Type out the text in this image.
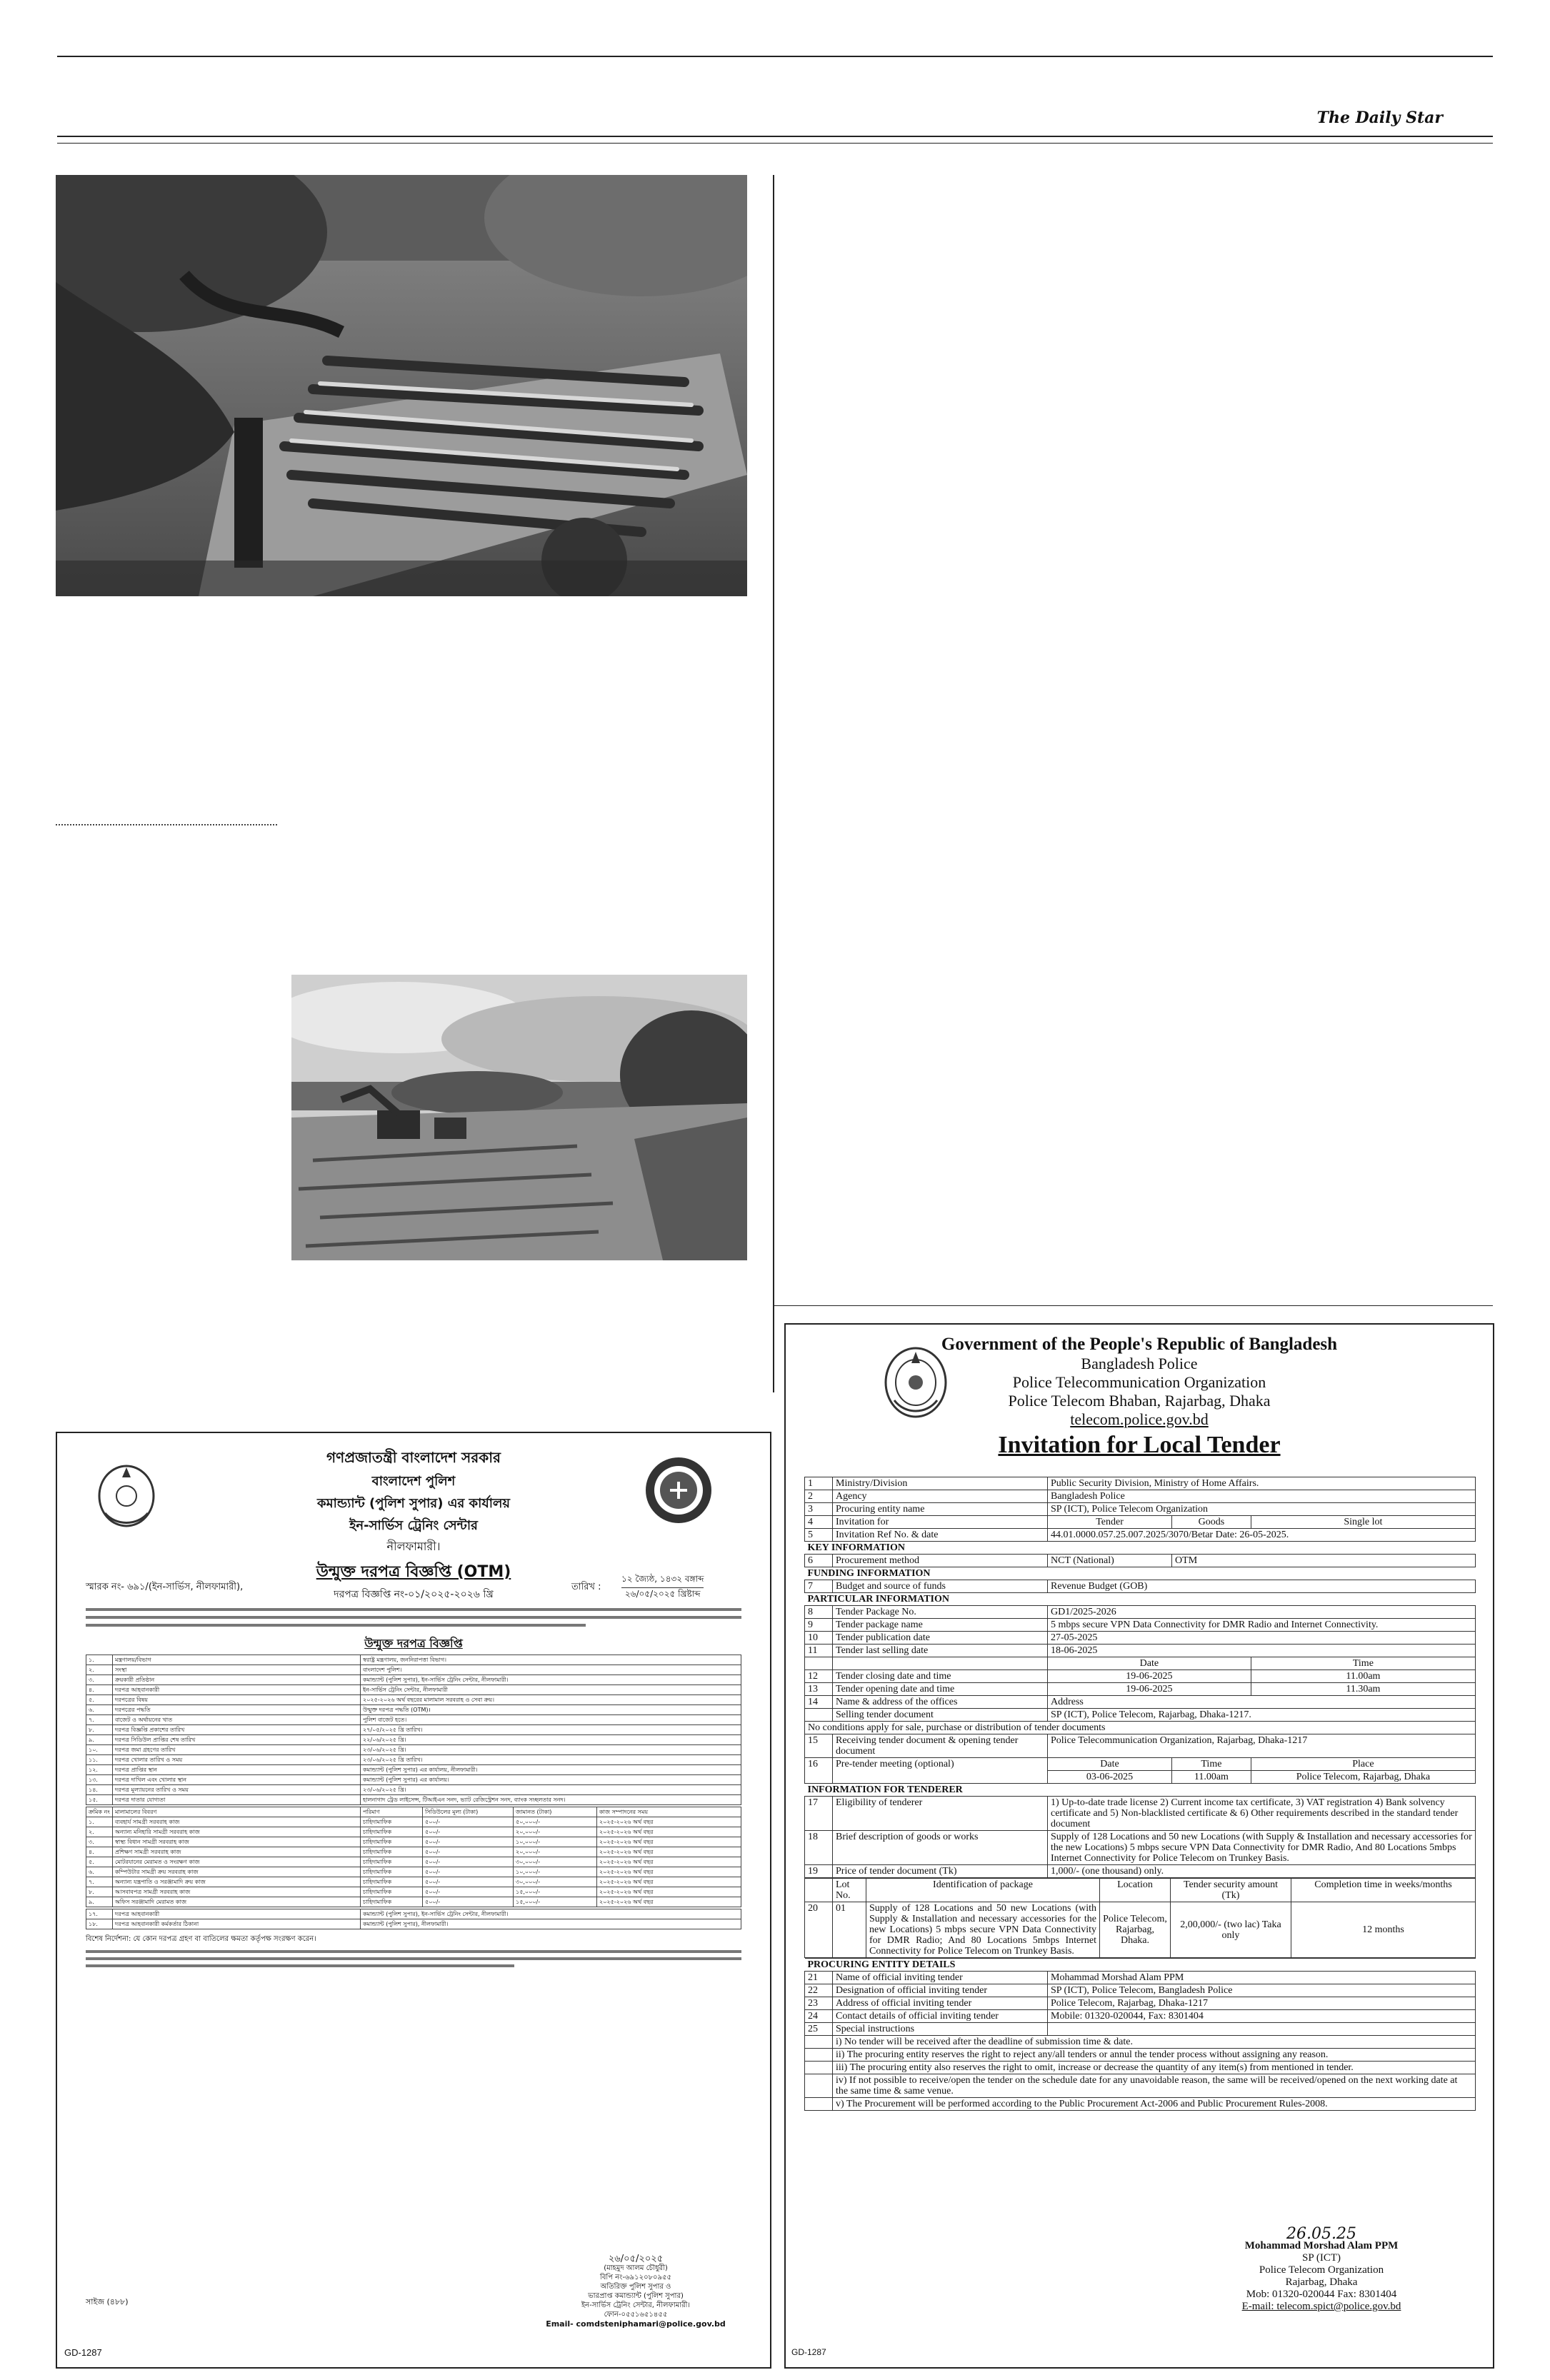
The Daily Star
Government of the People's Republic of Bangladesh
Bangladesh Police
Police Telecommunication Organization
Police Telecom Bhaban, Rajarbag, Dhaka
telecom.police.gov.bd
Invitation for Local Tender
1	Ministry/Division	Public Security Division, Ministry of Home Affairs.		
2	Agency	Bangladesh Police		
3	Procuring entity name	SP (ICT), Police Telecom Organization		
4	Invitation for	Tender	Goods	Single lot
5	Invitation Ref No. & date	44.01.0000.057.25.007.2025/3070/Betar Date: 26-05-2025.		
KEY INFORMATION				
6	Procurement method	NCT (National)	OTM	
FUNDING INFORMATION				
7	Budget and source of funds	Revenue Budget (GOB)		
PARTICULAR INFORMATION				
8	Tender Package No.	GD1/2025-2026		
9	Tender package name	5 mbps secure VPN Data Connectivity for DMR Radio and Internet Connectivity.		
10	Tender publication date	27-05-2025		
11	Tender last selling date	18-06-2025		
		Date		Time
12	Tender closing date and time	19-06-2025		11.00am
13	Tender opening date and time	19-06-2025		11.30am
14	Name & address of the offices	Address		
	Selling tender document	SP (ICT), Police Telecom, Rajarbag, Dhaka-1217.		
No conditions apply for sale, purchase or distribution of tender documents				
15	Receiving tender document & opening tender document	Police Telecommunication Organization, Rajarbag, Dhaka-1217		
16	Pre-tender meeting (optional)	Date	Time	Place
		03-06-2025	11.00am	Police Telecom, Rajarbag, Dhaka
INFORMATION FOR TENDERER				
17	Eligibility of tenderer	1) Up-to-date trade license 2) Current income tax certificate, 3) VAT registration 4) Bank solvency certificate and 5) Non-blacklisted certificate & 6) Other requirements described in the standard tender document		
18	Brief description of goods or works	Supply of 128 Locations and 50 new Locations (with Supply & Installation and necessary accessories for the new Locations) 5 mbps secure VPN Data Connectivity for DMR Radio, And 80 Locations 5mbps Internet Connectivity for Police Telecom on Trunkey Basis.		
19	Price of tender document (Tk)	1,000/- (one thousand) only.		
	Lot No.	Identification of package	Location	Tender security amount (Tk)	Completion time in weeks/months
20	01	Supply of 128 Locations and 50 new Locations (with Supply & Installation and necessary accessories for the new Locations) 5 mbps secure VPN Data Connectivity for DMR Radio; And 80 Locations 5mbps Internet Connectivity for Police Telecom on Trunkey Basis.	Police Telecom, Rajarbag, Dhaka.	2,00,000/- (two lac) Taka only	12 months
PROCURING ENTITY DETAILS		
21	Name of official inviting tender	Mohammad Morshad Alam PPM
22	Designation of official inviting tender	SP (ICT), Police Telecom, Bangladesh Police
23	Address of official inviting tender	Police Telecom, Rajarbag, Dhaka-1217
24	Contact details of official inviting tender	Mobile: 01320-020044, Fax: 8301404
25	Special instructions	
	i) No tender will be received after the deadline of submission time & date.	
	ii) The procuring entity reserves the right to reject any/all tenders or annul the tender process without assigning any reason.	
	iii) The procuring entity also reserves the right to omit, increase or decrease the quantity of any item(s) from mentioned in tender.	
	iv) If not possible to receive/open the tender on the schedule date for any unavoidable reason, the same will be received/opened on the next working date at the same time & same venue.	
	v) The Procurement will be performed according to the Public Procurement Act-2006 and Public Procurement Rules-2008.	
26.05.25
Mohammad Morshad Alam PPM
SP (ICT)
Police Telecom Organization
Rajarbag, Dhaka
Mob: 01320-020044 Fax: 8301404
E-mail: telecom.spict@police.gov.bd
GD-1287
গণপ্রজাতন্ত্রী বাংলাদেশ সরকার
বাংলাদেশ পুলিশ
কমান্ড্যান্ট (পুলিশ সুপার) এর কার্যালয়
ইন-সার্ভিস ট্রেনিং সেন্টার
নীলফামারী।
উন্মুক্ত দরপত্র বিজ্ঞপ্তি (OTM)
দরপত্র বিজ্ঞপ্তি নং-০১/২০২৫-২০২৬ খ্রি
স্মারক নং- ৬৯১/(ইন-সার্ভিস, নীলফামারী),	তারিখ :
১২ জ্যৈষ্ঠ, ১৪৩২ বঙ্গাব্দ
২৬/০৫/২০২৫ খ্রিষ্টাব্দ
উন্মুক্ত দরপত্র বিজ্ঞপ্তি
১.	মন্ত্রণালয়/বিভাগ	স্বরাষ্ট্র মন্ত্রণালয়, জননিরাপত্তা বিভাগ।
২.	সংস্থা	বাংলাদেশ পুলিশ।
৩.	ক্রয়কারী প্রতিষ্ঠান	কমান্ড্যান্ট (পুলিশ সুপার), ইন-সার্ভিস ট্রেনিং সেন্টার, নীলফামারী।
৪.	দরপত্র আহবানকারী	ইন-সার্ভিস ট্রেনিং সেন্টার, নীলফামারী
৫.	দরপত্রের বিষয়	২০২৫-২০২৬ অর্থ বছরের মালামাল সরবরাহ ও সেবা ক্রয়।
৬.	দরপত্রের পদ্ধতি	উন্মুক্ত দরপত্র পদ্ধতি (OTM)।
৭.	বাজেট ও অর্থায়নের খাত	পুলিশ বাজেট হতে।
৮.	দরপত্র বিজ্ঞপ্তি প্রকাশের তারিখ	২৭/০৫/২০২৫ খ্রি তারিখ।
৯.	দরপত্র সিডিউল প্রাপ্তির শেষ তারিখ	২২/০৬/২০২৫ খ্রি।
১০.	দরপত্র জমা গ্রহণের তারিখ	২৩/০৬/২০২৫ খ্রি।
১১.	দরপত্র খোলার তারিখ ও সময়	২৩/০৬/২০২৫ খ্রি তারিখ।
১২.	দরপত্র প্রাপ্তির স্থান	কমান্ড্যান্ট (পুলিশ সুপার) এর কার্যালয়, নীলফামারী।
১৩.	দরপত্র দাখিল এবং খোলার স্থান	কমান্ড্যান্ট (পুলিশ সুপার) এর কার্যালয়।
১৪.	দরপত্র মূল্যায়নের তারিখ ও সময়	২৩/০৬/২০২৫ খ্রি।
১৫.	দরপত্র দাতার যোগ্যতা	হালনাগাদ ট্রেড লাইসেন্স, টিআইএন সনদ, ভ্যাট রেজিস্ট্রেশন সনদ, ব্যাংক সচ্ছলতার সনদ।
ক্রমিক নং	মালামালের বিবরণ	পরিমাণ	সিডিউলের মূল্য (টাকা)	জামানত (টাকা)	কাজ সম্পাদনের সময়
১.	ব্যবহার্য সামগ্রী সরবরাহ কাজ	চাহিদামাফিক	৫০০/-	৫০,০০০/-	২০২৫-২০২৬ অর্থ বছর
২.	অন্যান্য মনিহারি সামগ্রী সরবরাহ কাজ	চাহিদামাফিক	৫০০/-	২০,০০০/-	২০২৫-২০২৬ অর্থ বছর
৩.	স্বাস্থ্য বিধান সামগ্রী সরবরাহ কাজ	চাহিদামাফিক	৫০০/-	১০,০০০/-	২০২৫-২০২৬ অর্থ বছর
৪.	প্রশিক্ষণ সামগ্রী সরবরাহ কাজ	চাহিদামাফিক	৫০০/-	২০,০০০/-	২০২৫-২০২৬ অর্থ বছর
৫.	মোটরযানের মেরামত ও সংরক্ষণ কাজ	চাহিদামাফিক	৫০০/-	৩০,০০০/-	২০২৫-২০২৬ অর্থ বছর
৬.	কম্পিউটার সামগ্রী ক্রয় সরবরাহ কাজ	চাহিদামাফিক	৫০০/-	১০,০০০/-	২০২৫-২০২৬ অর্থ বছর
৭.	অন্যান্য যন্ত্রপাতি ও সরঞ্জামাদি ক্রয় কাজ	চাহিদামাফিক	৫০০/-	৩০,০০০/-	২০২৫-২০২৬ অর্থ বছর
৮.	আসবাবপত্র সামগ্রী সরবরাহ কাজ	চাহিদামাফিক	৫০০/-	১৫,০০০/-	২০২৫-২০২৬ অর্থ বছর
৯.	অফিস সরঞ্জামাদি মেরামত কাজ	চাহিদামাফিক	৫০০/-	১৫,০০০/-	২০২৫-২০২৬ অর্থ বছর
১৭.	দরপত্র আহবানকারী	কমান্ড্যান্ট (পুলিশ সুপার), ইন-সার্ভিস ট্রেনিং সেন্টার, নীলফামারী।
১৮.	দরপত্র আহবানকারী কর্মকর্তার ঠিকানা	কমান্ড্যান্ট (পুলিশ সুপার), নীলফামারী।
বিশেষ নির্দেশনা: যে কোন দরপত্র গ্রহণ বা বাতিলের ক্ষমতা কর্তৃপক্ষ সংরক্ষণ করেন।
২৬/০৫/২০২৫
(মাহমুদ আলম চৌধুরী)
বিপি নং-৬৯১২০৮০৯৫৫
অতিরিক্ত পুলিশ সুপার ও
ভারপ্রাপ্ত কমান্ড্যান্ট (পুলিশ সুপার)
ইন-সার্ভিস ট্রেনিং সেন্টার, নীলফামারী।
ফোন-০৫৫১৬৫১৪৫৫
Email- comdsteniphamari@police.gov.bd
সাইজ (৪৮৮)
GD-1287
